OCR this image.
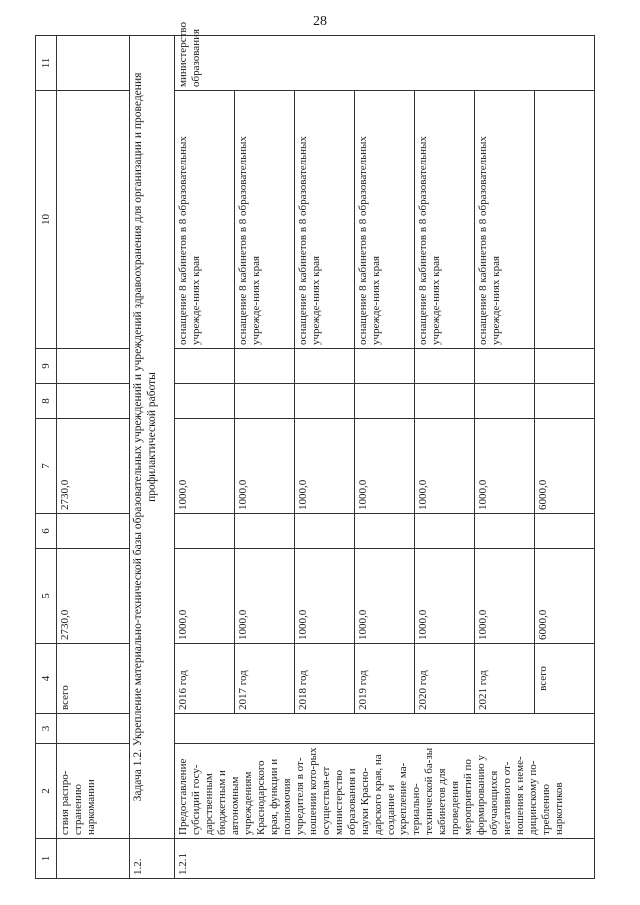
28
1	2	3	4	5	6	7	8	9	10	11
	ствия распро-странению наркомании		всего	2730,0		2730,0				
1.2.	Задача 1.2. Укрепление материально-технической базы образовательных учреждений и учреждений здравоохранения для организации и проведения профилактической работы									
1.2.1	Предоставление субсидий госу-дарственным бюджетным и автономным учреждениям Краснодарского края, функции и полномочия учредителя в от-ношении кото-рых осуществля-ет министерство образования и науки Красно-дарского края, на создание и укрепление ма-териально-технической ба-зы кабинетов для проведения мероприятий по формированию у обучающихся негативного от-ношения к неме-дицинскому по-треблению наркотиков		2016 год	1000,0		1000,0			оснащение 8 кабинетов в 8 образовательных учрежде-ниях края	министерство образования
			2017 год	1000,0		1000,0			оснащение 8 кабинетов в 8 образовательных учрежде-ниях края	
			2018 год	1000,0		1000,0			оснащение 8 кабинетов в 8 образовательных учрежде-ниях края	
			2019 год	1000,0		1000,0			оснащение 8 кабинетов в 8 образовательных учрежде-ниях края	
			2020 год	1000,0		1000,0			оснащение 8 кабинетов в 8 образовательных учрежде-ниях края	
			2021 год	1000,0		1000,0			оснащение 8 кабинетов в 8 образовательных учрежде-ниях края	
			всего	6000,0		6000,0				
